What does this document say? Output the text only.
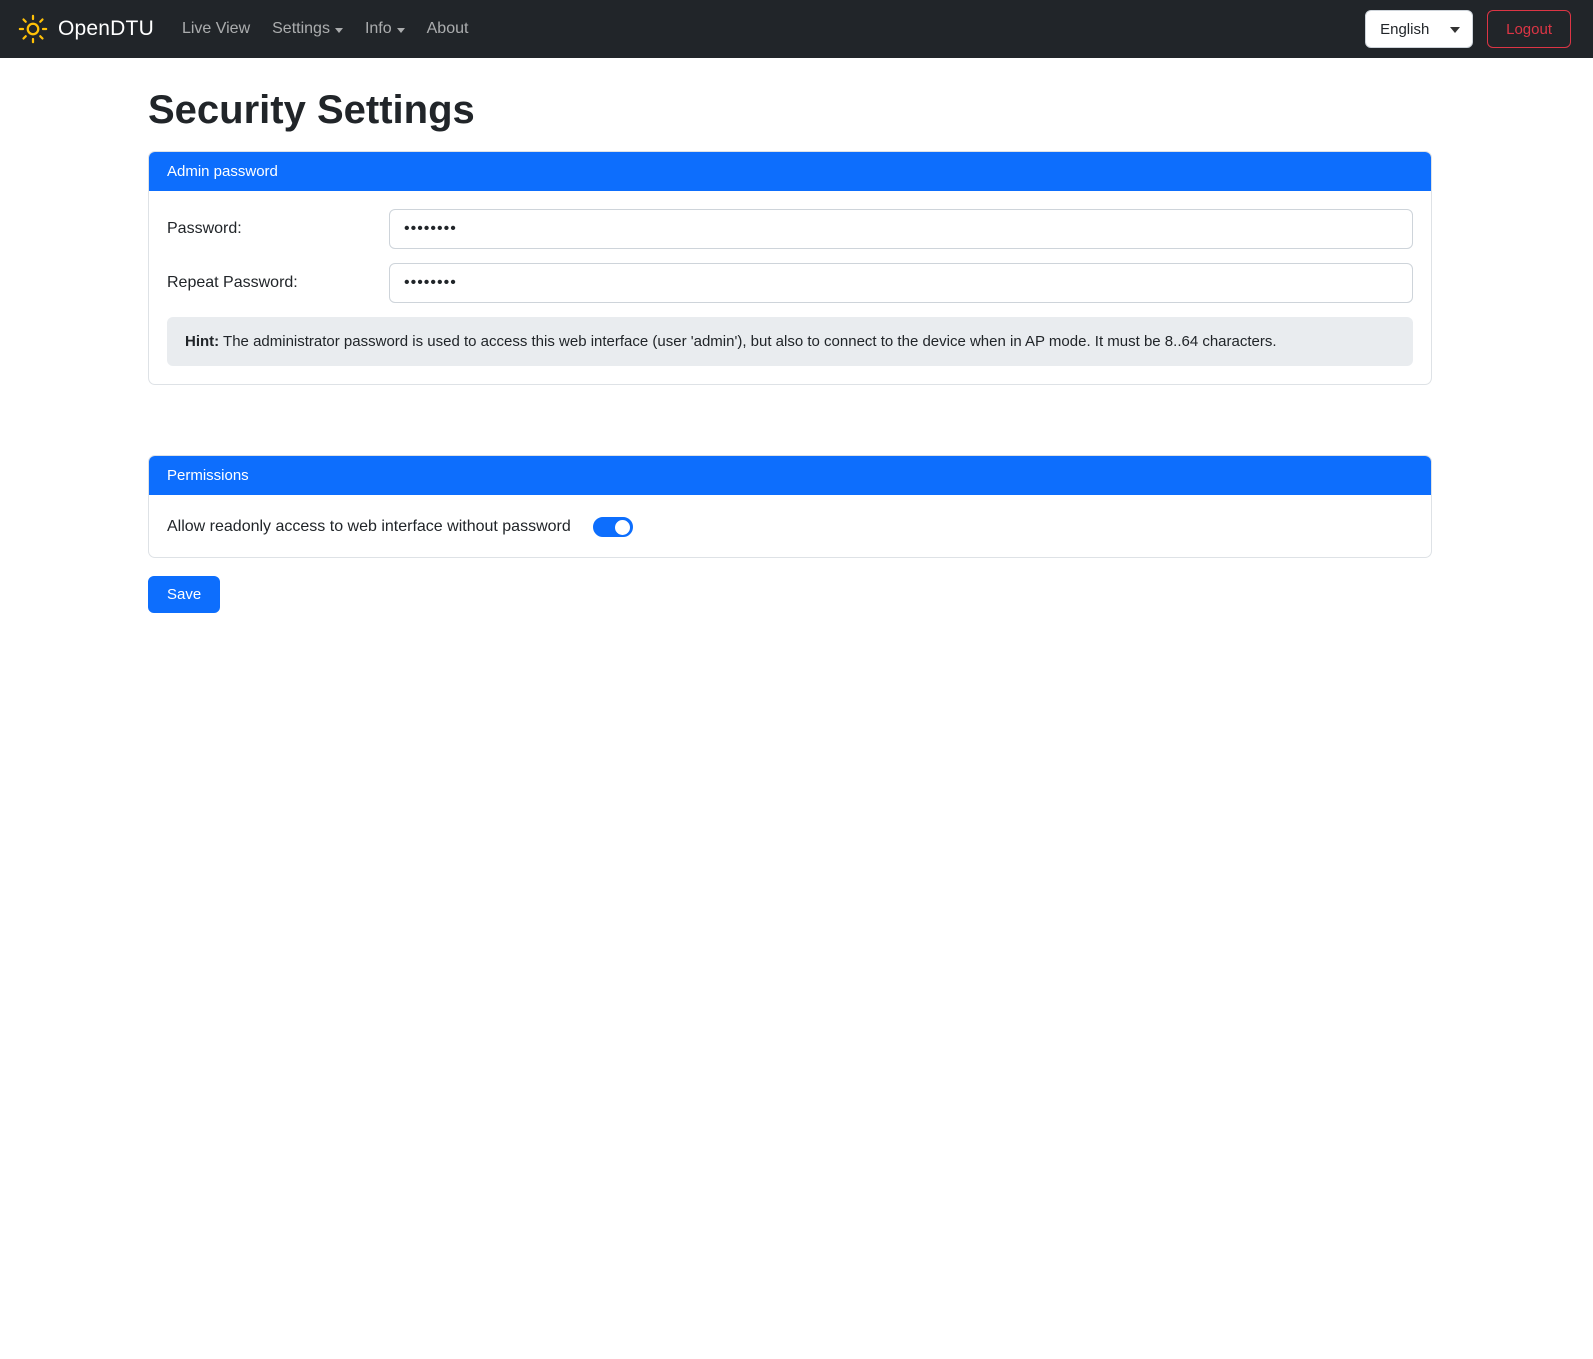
OpenDTU Live View Settings Info About	English	Logout
Security Settings
Admin password
Password:
••••••••
Repeat Password:
••••••••
Hint: The administrator password is used to access this web interface (user 'admin'), but also to connect to the device when in AP mode. It must be 8..64 characters.
Permissions
Allow readonly access to web interface without password
Save
